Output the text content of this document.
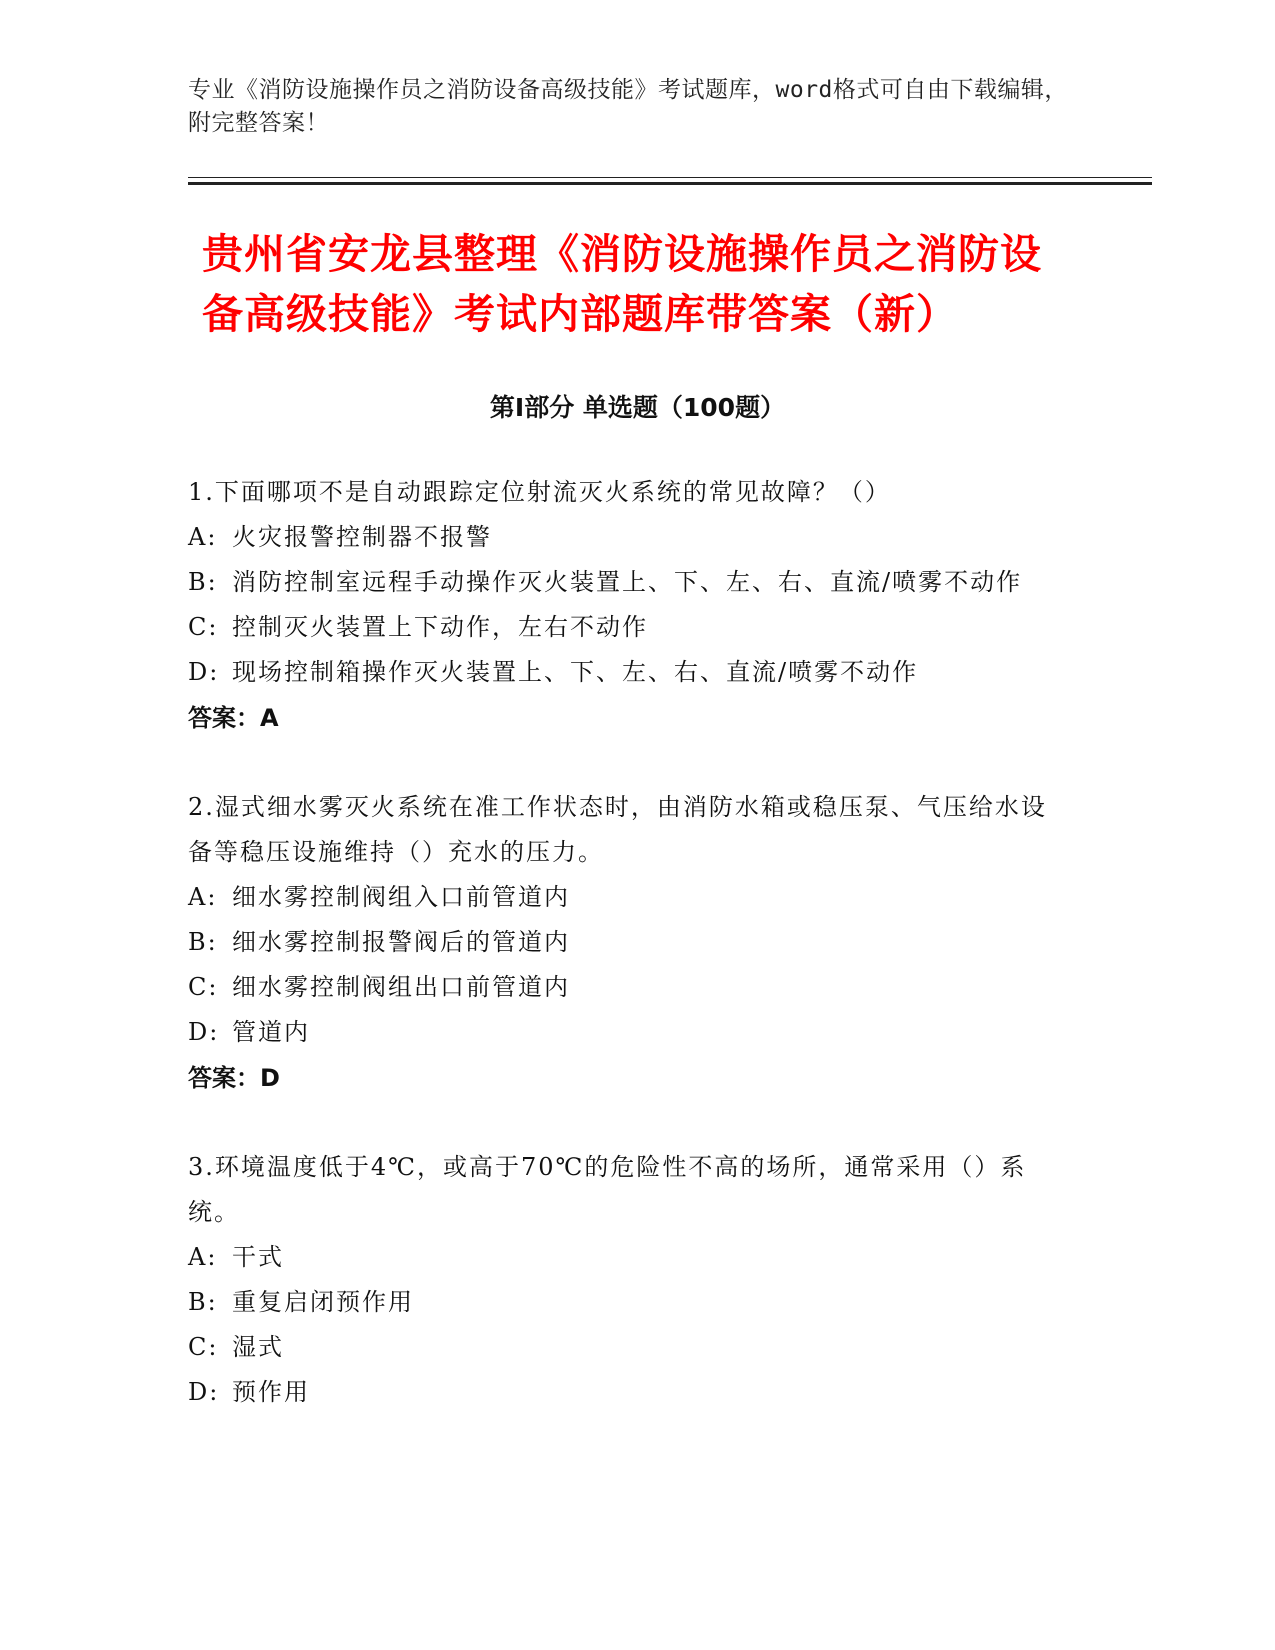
专业《消防设施操作员之消防设备高级技能》考试题库，word格式可自由下载编辑，附完整答案！
贵州省安龙县整理《消防设施操作员之消防设备高级技能》考试内部题库带答案（新）
第Ⅰ部分 单选题（100题）
1.下面哪项不是自动跟踪定位射流灭火系统的常见故障？（）
A: 火灾报警控制器不报警
B: 消防控制室远程手动操作灭火装置上、下、左、右、直流/喷雾不动作
C: 控制灭火装置上下动作，左右不动作
D: 现场控制箱操作灭火装置上、下、左、右、直流/喷雾不动作
答案：A
2.湿式细水雾灭火系统在准工作状态时，由消防水箱或稳压泵、气压给水设备等稳压设施维持（）充水的压力。
A: 细水雾控制阀组入口前管道内
B: 细水雾控制报警阀后的管道内
C: 细水雾控制阀组出口前管道内
D: 管道内
答案：D
3.环境温度低于4℃，或高于70℃的危险性不高的场所，通常采用（）系统。
A: 干式
B: 重复启闭预作用
C: 湿式
D: 预作用
